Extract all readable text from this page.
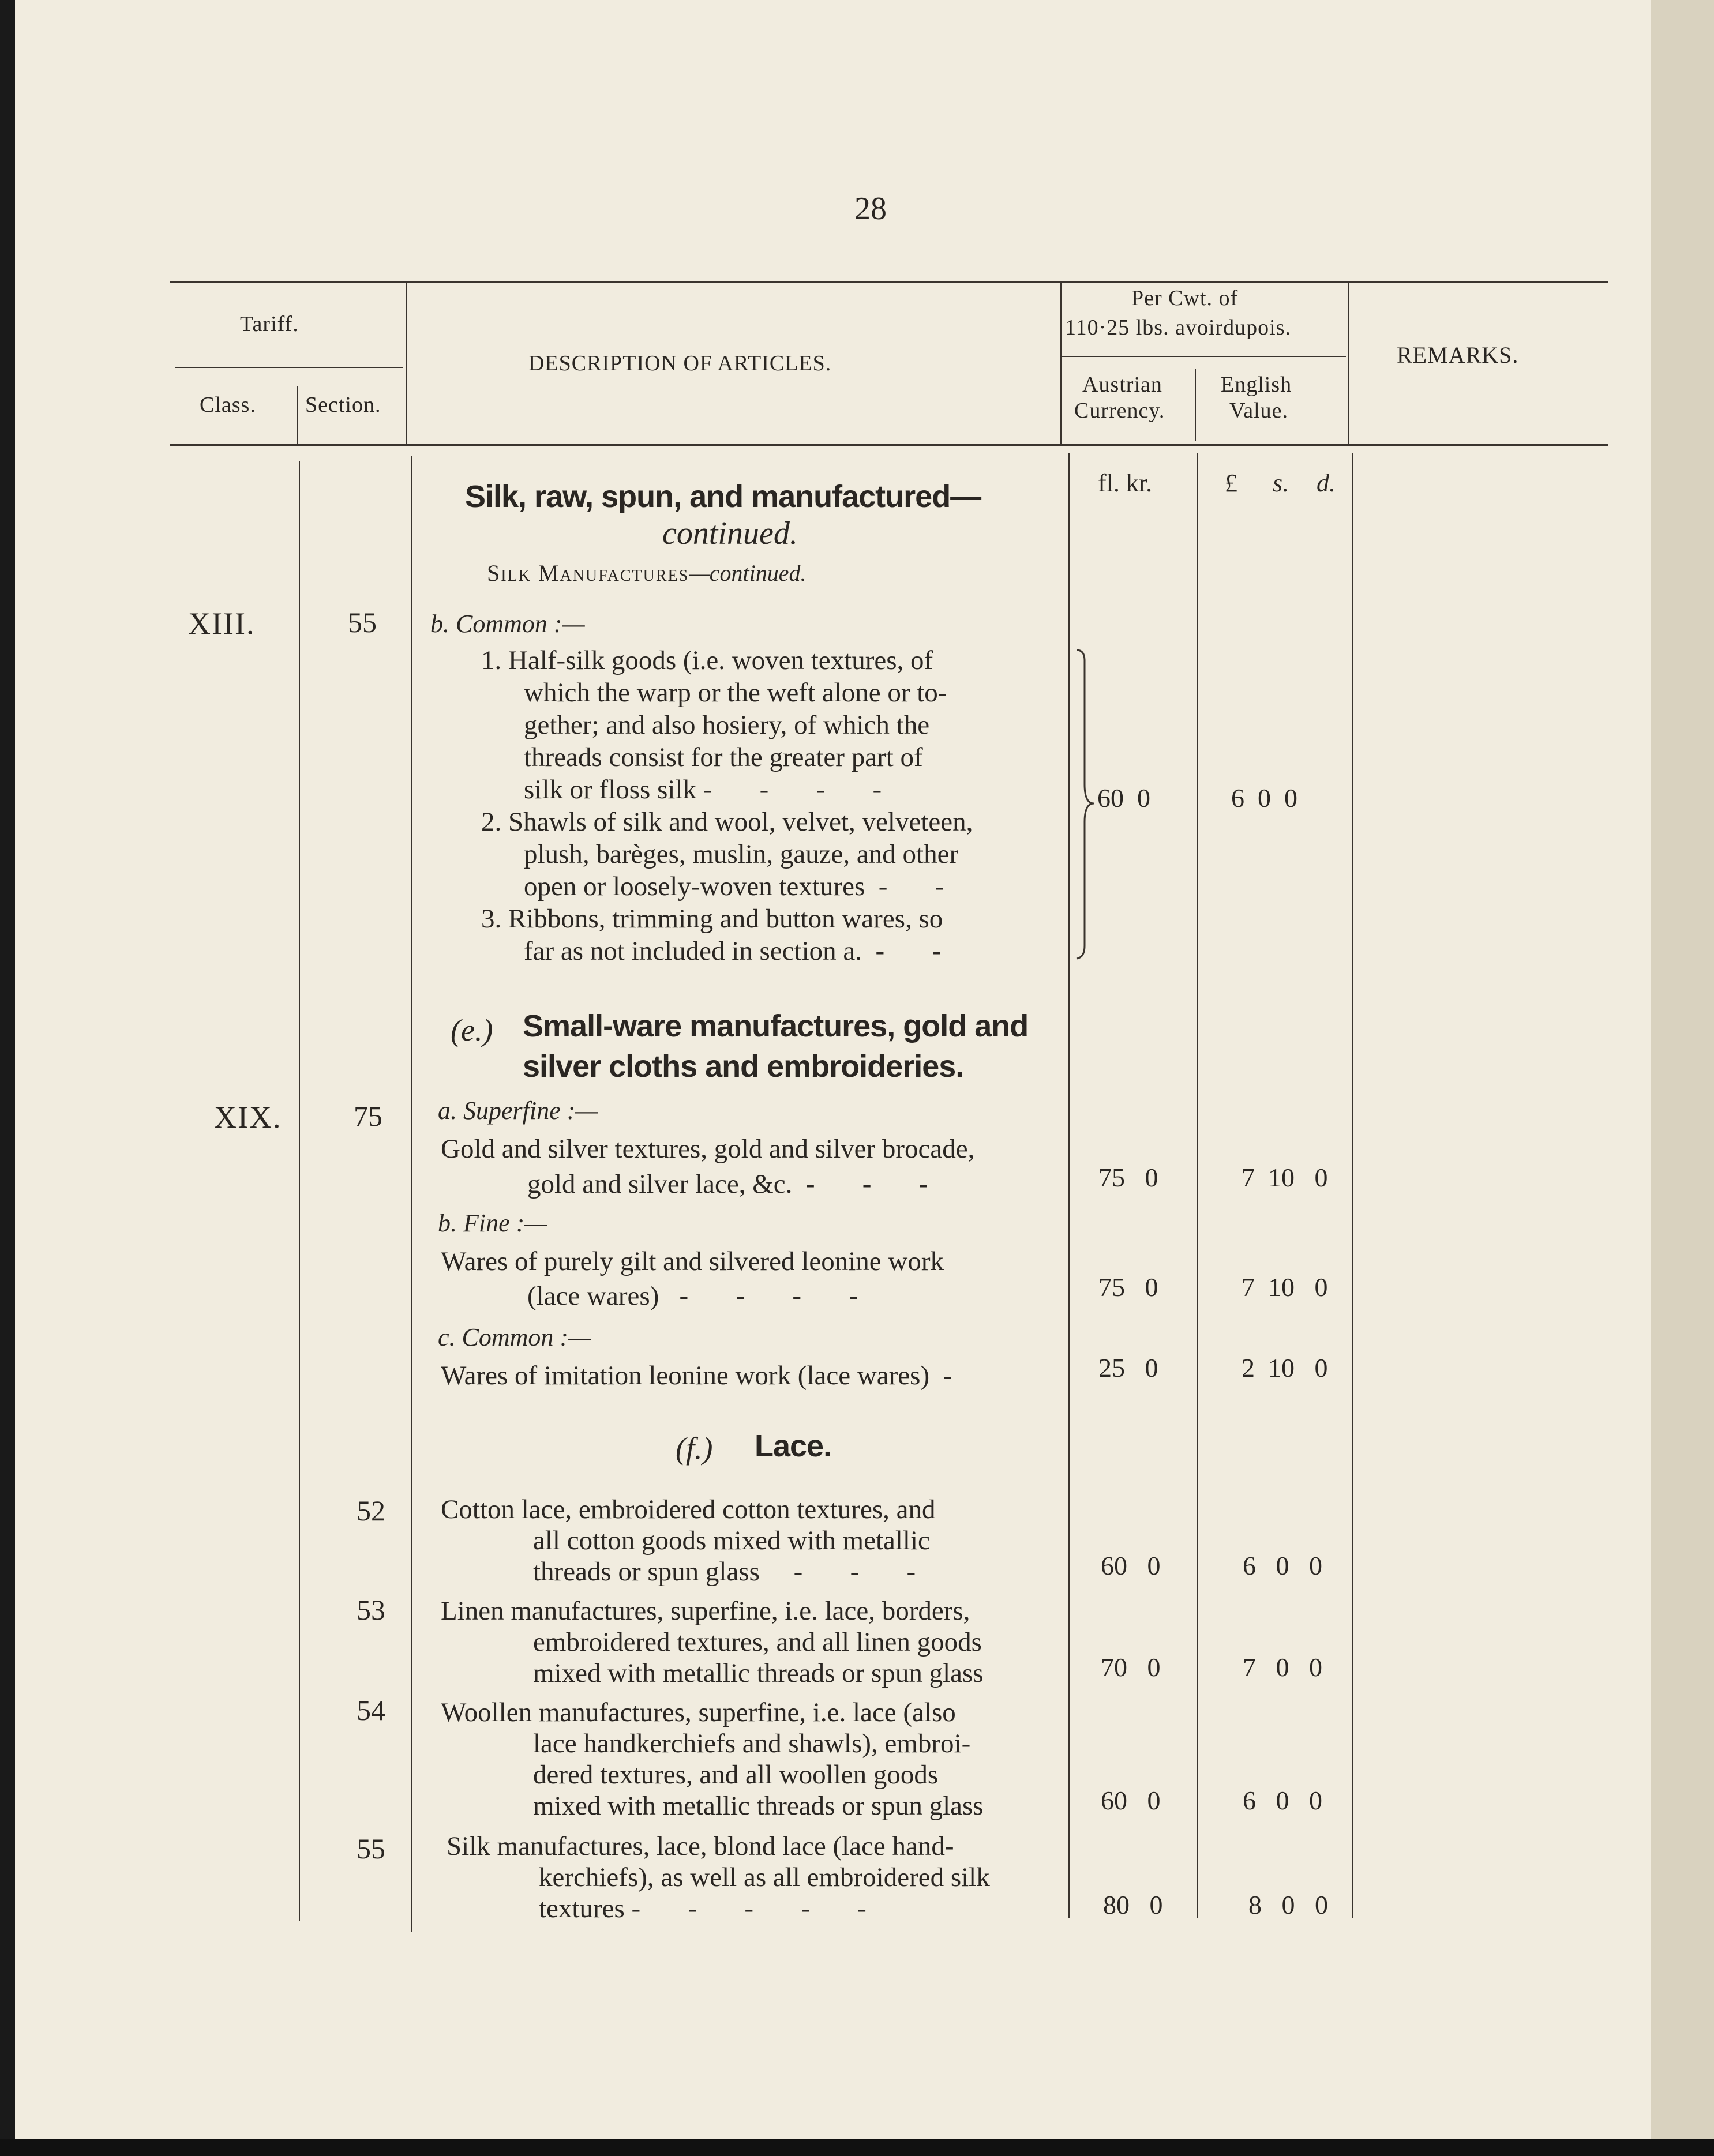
28
Tariff.
Class. Section.
DESCRIPTION OF ARTICLES.
Per Cwt. of
110·25 lbs. avoirdupois.
Austrian
Currency.
English
Value.
REMARKS.
fl. kr.	£ s. d.
Silk, raw, spun, and manufactured—
continued.
Silk Manufactures—continued.
XIII.	55 b. Common :—
1. Half-silk goods (i.e. woven textures, of
which the warp or the weft alone or to-
gether; and also hosiery, of which the
threads consist for the greater part of
silk or floss silk -       -       -       -
2. Shawls of silk and wool, velvet, velveteen,
plush, barèges, muslin, gauze, and other
open or loosely-woven textures  -       -
3. Ribbons, trimming and button wares, so
far as not included in section a.  -       -
60  0	6  0  0
(e.) Small-ware manufactures, gold and
silver cloths and embroideries.
XIX. 75 a. Superfine :—
Gold and silver textures, gold and silver brocade,
gold and silver lace, &c.  -       -       -	75   0	7  10   0
b. Fine :—
Wares of purely gilt and silvered leonine work
(lace wares)   -       -       -       -	75   0	7  10   0
c. Common :—
Wares of imitation leonine work (lace wares)  -	25   0	2  10   0
(f.) Lace.
52 Cotton lace, embroidered cotton textures, and
all cotton goods mixed with metallic
threads or spun glass     -       -       -	60   0	6   0   0
53 Linen manufactures, superfine, i.e. lace, borders,
embroidered textures, and all linen goods
mixed with metallic threads or spun glass	70   0	7   0   0
54 Woollen manufactures, superfine, i.e. lace (also
lace handkerchiefs and shawls), embroi-
dered textures, and all woollen goods
mixed with metallic threads or spun glass	60   0	6   0   0
55 Silk manufactures, lace, blond lace (lace hand-
kerchiefs), as well as all embroidered silk
textures -       -       -       -       -	80   0	8   0   0
